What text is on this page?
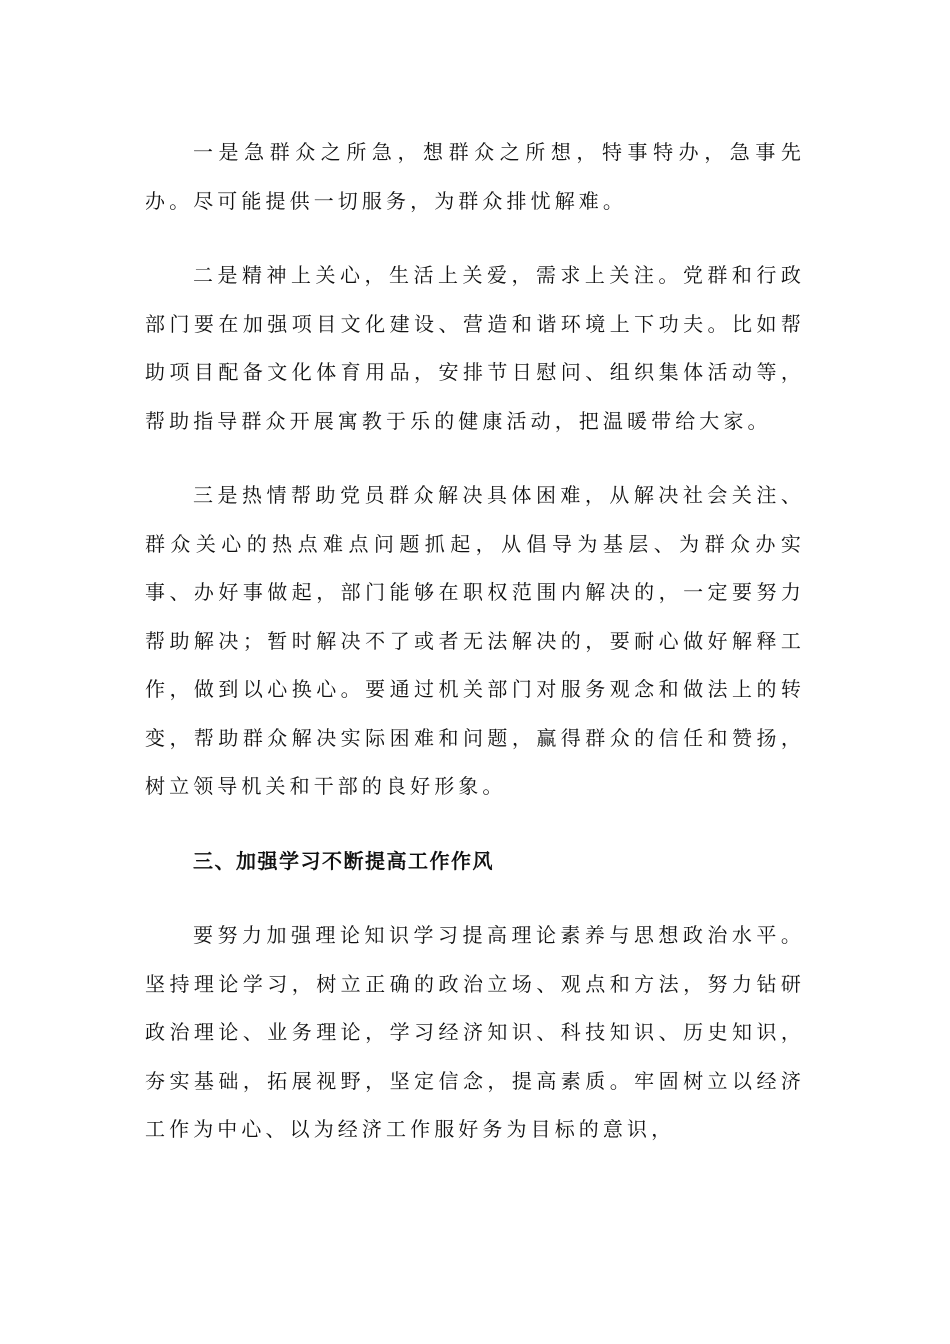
一是急群众之所急，想群众之所想，特事特办，急事先办。尽可能提供一切服务，为群众排忧解难。

二是精神上关心，生活上关爱，需求上关注。党群和行政部门要在加强项目文化建设、营造和谐环境上下功夫。比如帮助项目配备文化体育用品，安排节日慰问、组织集体活动等，帮助指导群众开展寓教于乐的健康活动，把温暖带给大家。

三是热情帮助党员群众解决具体困难，从解决社会关注、群众关心的热点难点问题抓起，从倡导为基层、为群众办实事、办好事做起，部门能够在职权范围内解决的，一定要努力帮助解决；暂时解决不了或者无法解决的，要耐心做好解释工作，做到以心换心。要通过机关部门对服务观念和做法上的转变，帮助群众解决实际困难和问题，赢得群众的信任和赞扬，树立领导机关和干部的良好形象。

三、加强学习不断提高工作作风

要努力加强理论知识学习提高理论素养与思想政治水平。坚持理论学习，树立正确的政治立场、观点和方法，努力钻研政治理论、业务理论，学习经济知识、科技知识、历史知识，夯实基础，拓展视野，坚定信念，提高素质。牢固树立以经济工作为中心、以为经济工作服好务为目标的意识，
